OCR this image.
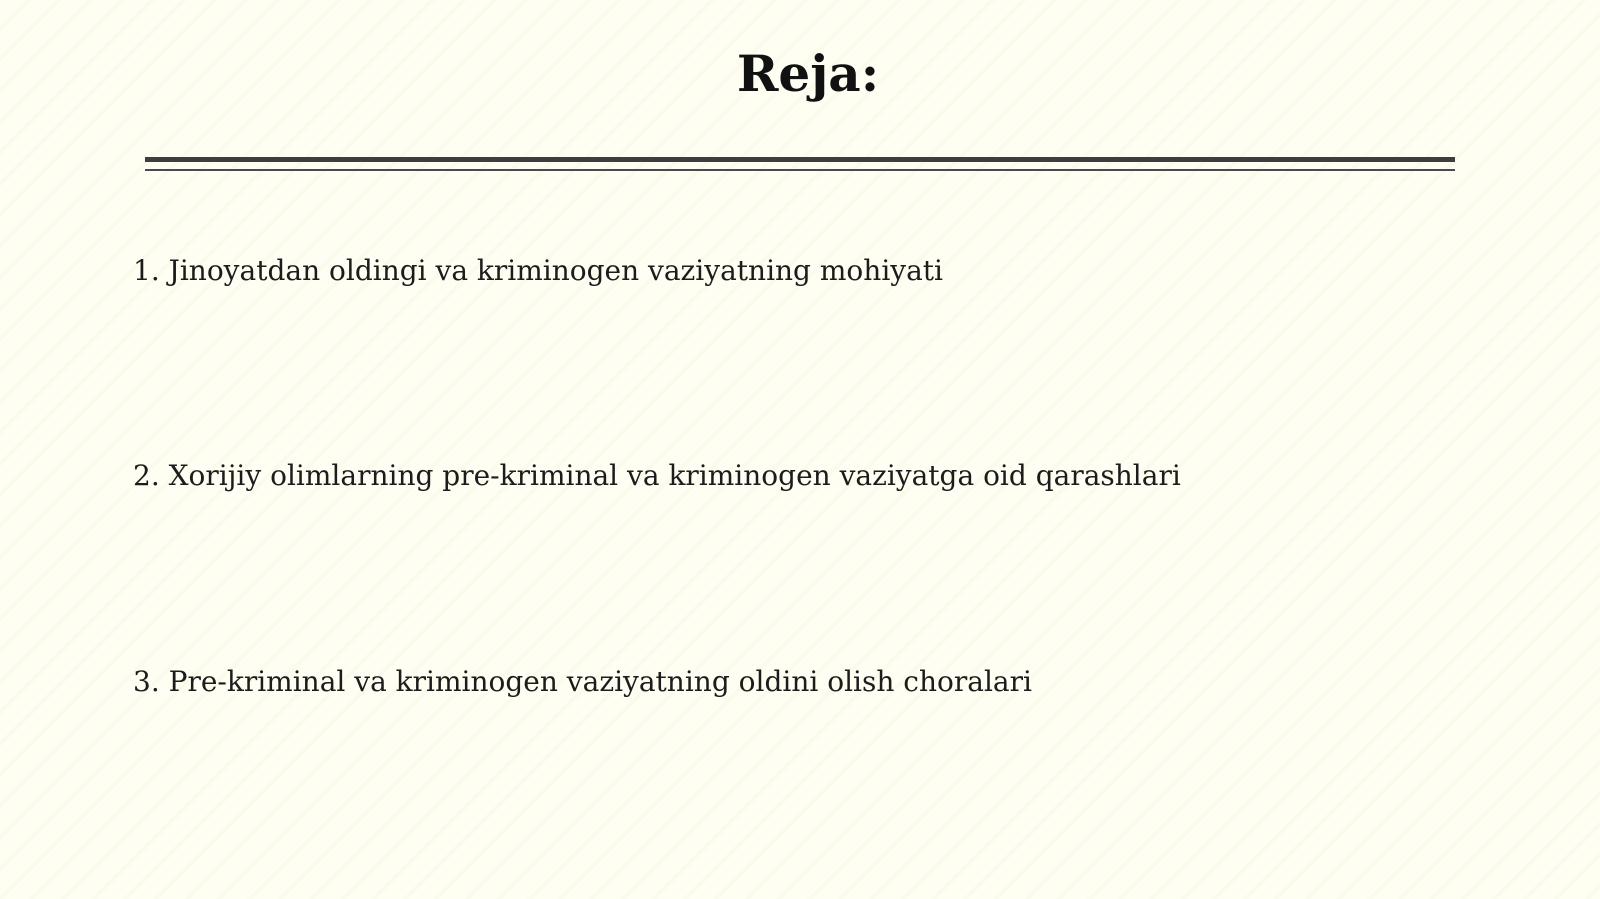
Reja:
1. Jinoyatdan oldingi va kriminogen vaziyatning mohiyati
2. Xorijiy olimlarning pre-kriminal va kriminogen vaziyatga oid qarashlari
3. Pre-kriminal va kriminogen vaziyatning oldini olish choralari
